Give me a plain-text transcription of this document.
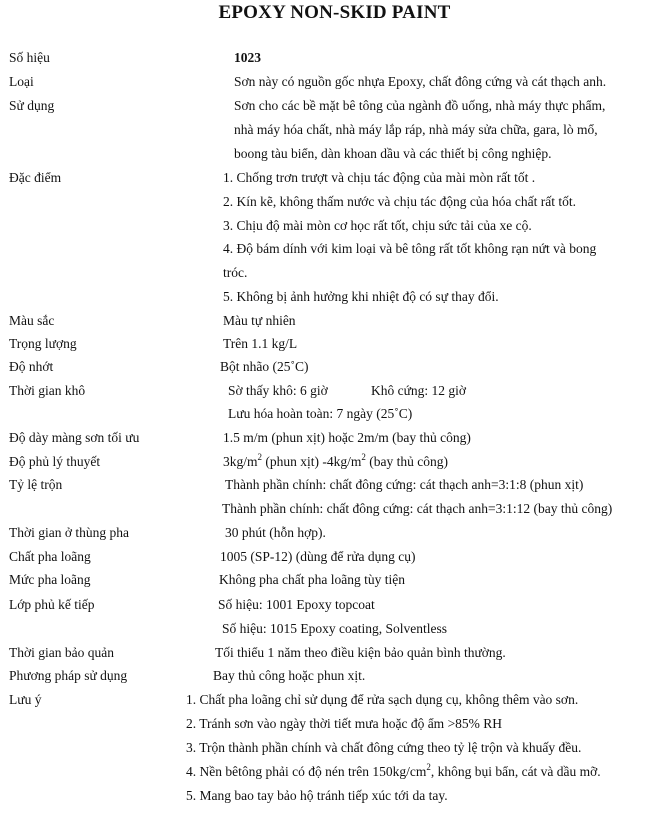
EPOXY NON-SKID PAINT
Số hiệu	1023
Loại	Sơn này có nguồn gốc nhựa Epoxy, chất đông cứng và cát thạch anh.
Sử dụng	Sơn cho các bề mặt bê tông của ngành đồ uống, nhà máy thực phẩm,
nhà máy hóa chất, nhà máy lắp ráp, nhà máy sửa chữa, gara, lò mổ,
boong tàu biển, dàn khoan dầu và các thiết bị công nghiệp.
Đặc điểm	1. Chống trơn trượt và chịu tác động của mài mòn rất tốt .
2. Kín kẽ, không thấm nước và chịu tác động của hóa chất rất tốt.
3. Chịu độ mài mòn cơ học rất tốt, chịu sức tải của xe cộ.
4. Độ bám dính với kim loại và bê tông rất tốt không rạn nứt và bong
tróc.
5. Không bị ảnh hưởng khi nhiệt độ có sự thay đổi.
Màu sắc	Màu tự nhiên
Trọng lượng	Trên 1.1 kg/L
Độ nhớt	Bột nhão (25˚C)
Thời gian khô	Sờ thấy khô: 6 giờ	Khô cứng: 12 giờ
Lưu hóa hoàn toàn: 7 ngày (25˚C)
Độ dày màng sơn tối ưu	1.5 m/m (phun xịt) hoặc 2m/m (bay thủ công)
Độ phủ lý thuyết	$3kg/m^2$ (phun xịt) $-4kg/m^2$ (bay thủ công)
Tỷ lệ trộn	Thành phần chính: chất đông cứng: cát thạch anh=3:1:8 (phun xịt)
Thành phần chính: chất đông cứng: cát thạch anh=3:1:12 (bay thủ công)
Thời gian ở thùng pha	30 phút (hỗn hợp).
Chất pha loãng	1005 (SP-12) (dùng để rửa dụng cụ)
Mức pha loãng	Không pha chất pha loãng tùy tiện
Lớp phủ kế tiếp	Số hiệu: 1001 Epoxy topcoat
Số hiệu: 1015 Epoxy coating, Solventless
Thời gian bảo quản	Tối thiểu 1 năm theo điều kiện bảo quản bình thường.
Phương pháp sử dụng	Bay thủ công hoặc phun xịt.
Lưu ý	1. Chất pha loãng chỉ sử dụng để rửa sạch dụng cụ, không thêm vào sơn.
2. Tránh sơn vào ngày thời tiết mưa hoặc độ ẩm >85% RH
3. Trộn thành phần chính và chất đông cứng theo tỷ lệ trộn và khuấy đều.
4. Nền bêtông phải có độ nén trên $150kg/cm^2$, không bụi bẩn, cát và dầu mỡ.
5. Mang bao tay bảo hộ tránh tiếp xúc tới da tay.
